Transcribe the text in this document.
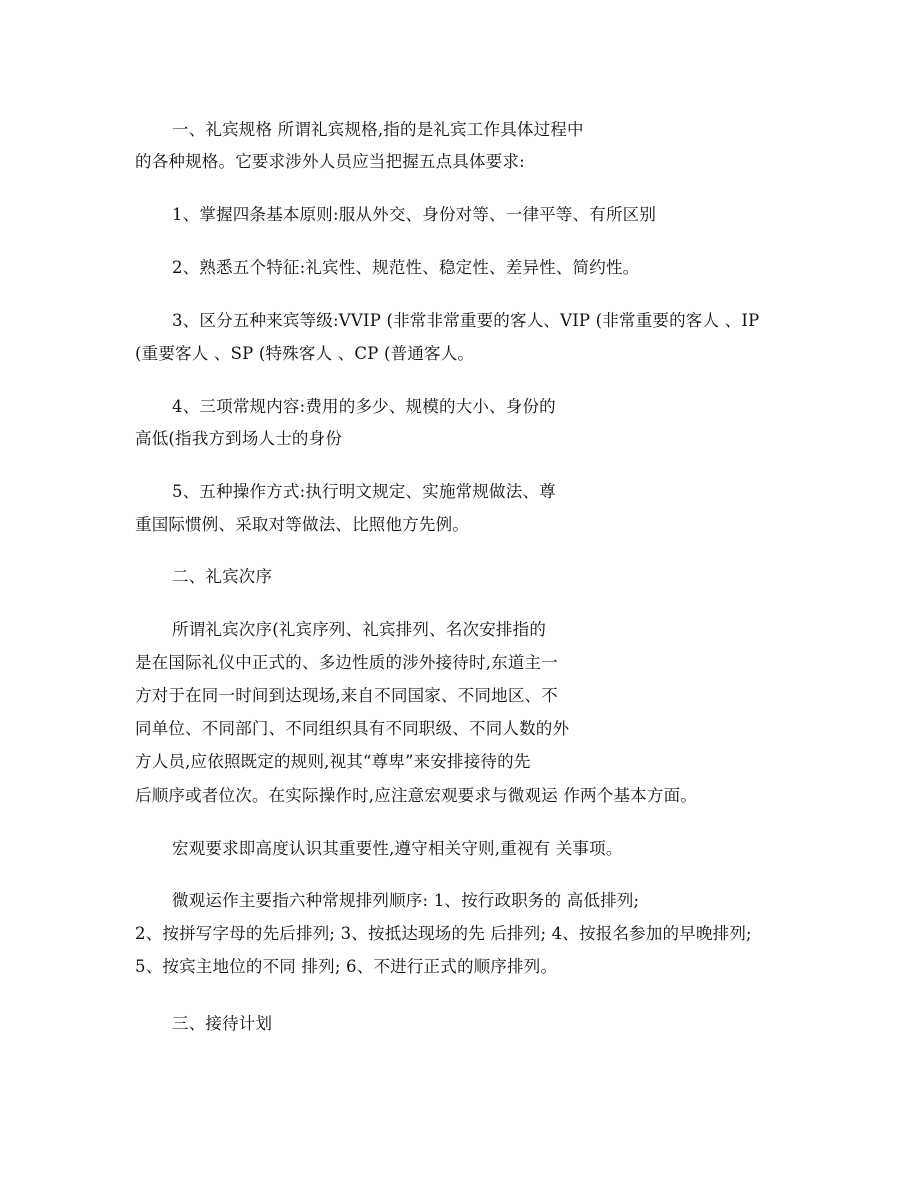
一、礼宾规格 所谓礼宾规格,指的是礼宾工作具体过程中
的各种规格。它要求涉外人员应当把握五点具体要求:
1、掌握四条基本原则:服从外交、身份对等、一律平等、有所区别
2、熟悉五个特征:礼宾性、规范性、稳定性、差异性、简约性。
3、区分五种来宾等级:VVIP (非常非常重要的客人、VIP (非常重要的客人 、IP
(重要客人 、SP (特殊客人 、CP (普通客人。
4、三项常规内容:费用的多少、规模的大小、身份的
高低(指我方到场人士的身份
5、五种操作方式:执行明文规定、实施常规做法、尊
重国际惯例、采取对等做法、比照他方先例。
二、礼宾次序
所谓礼宾次序(礼宾序列、礼宾排列、名次安排指的
是在国际礼仪中正式的、多边性质的涉外接待时,东道主一
方对于在同一时间到达现场,来自不同国家、不同地区、不
同单位、不同部门、不同组织具有不同职级、不同人数的外
方人员,应依照既定的规则,视其“尊卑”来安排接待的先
后顺序或者位次。在实际操作时,应注意宏观要求与微观运 作两个基本方面。
宏观要求即高度认识其重要性,遵守相关守则,重视有 关事项。
微观运作主要指六种常规排列顺序: 1、按行政职务的 高低排列;
2、按拼写字母的先后排列; 3、按抵达现场的先 后排列; 4、按报名参加的早晚排列;
5、按宾主地位的不同 排列; 6、不进行正式的顺序排列。
三、接待计划
